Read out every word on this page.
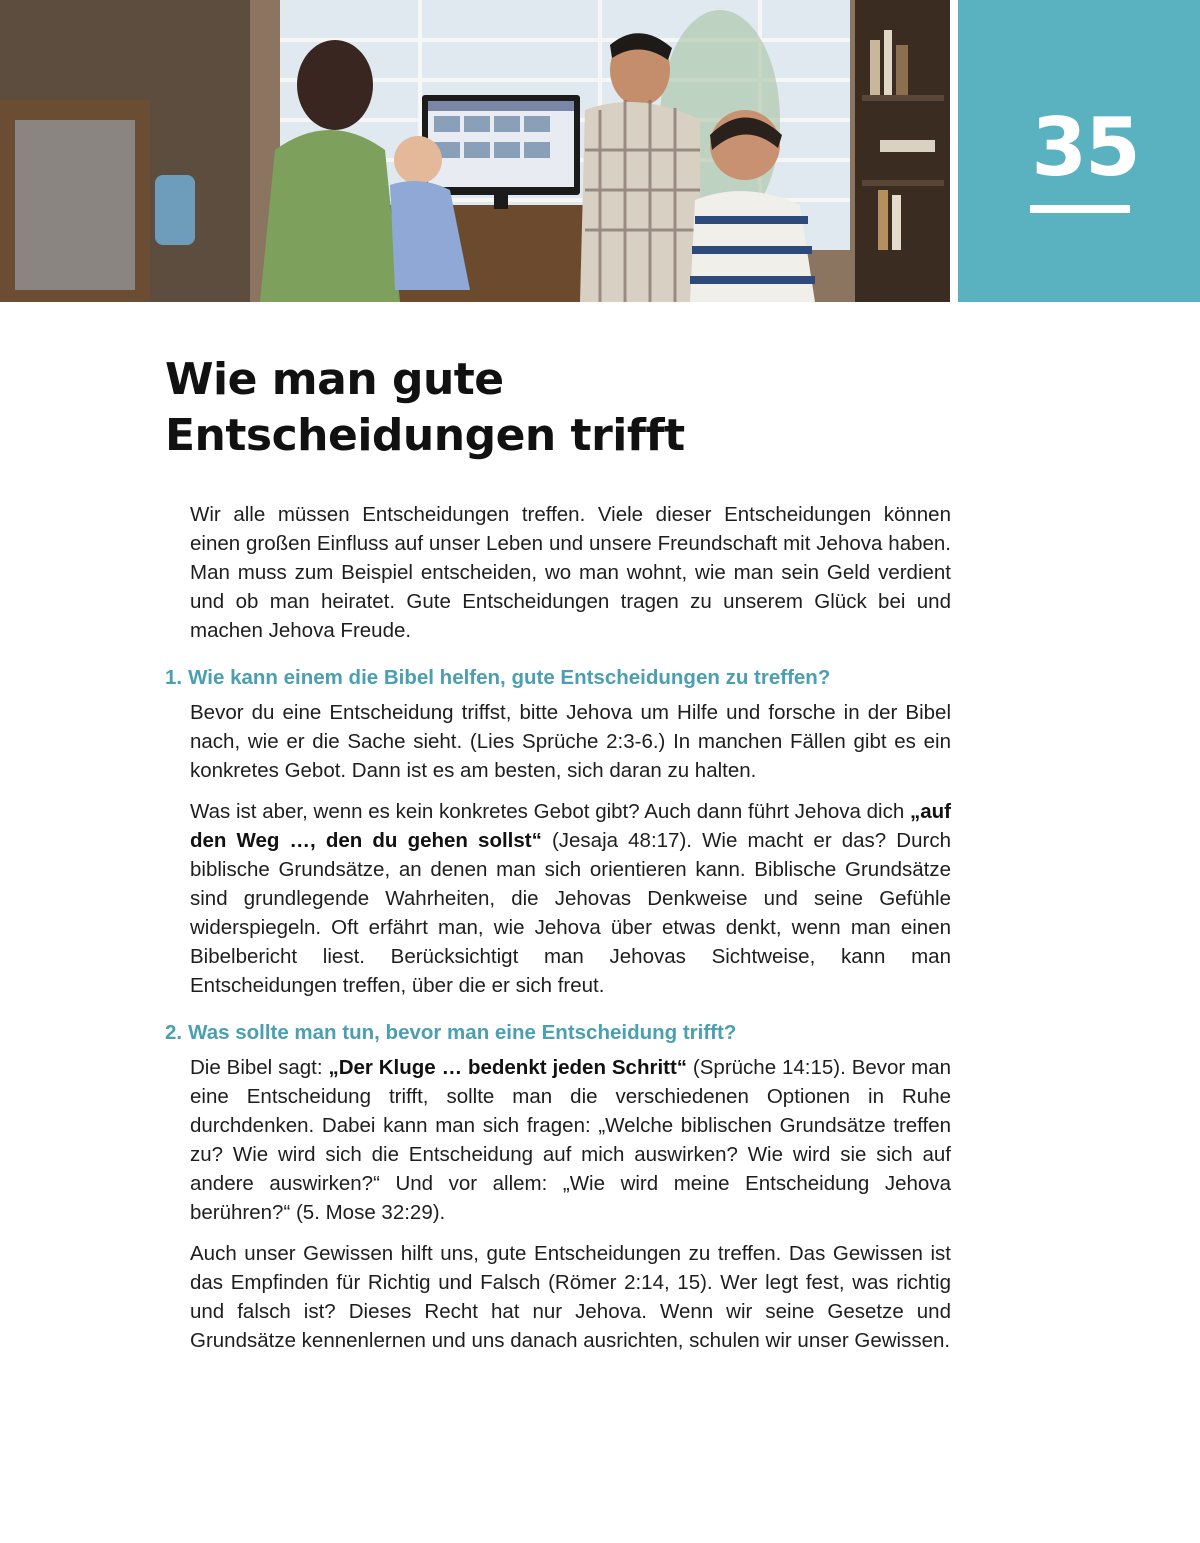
35
Wie man gute
Entscheidungen trifft

Wir alle müssen Entscheidungen treffen. Viele dieser Entscheidungen können einen großen Einfluss auf unser Leben und unsere Freundschaft mit Jehova haben. Man muss zum Beispiel entscheiden, wo man wohnt, wie man sein Geld verdient und ob man heiratet. Gute Entscheidungen tragen zu unserem Glück bei und machen Jehova Freude.

1. Wie kann einem die Bibel helfen, gute Entscheidungen zu treffen?

Bevor du eine Entscheidung triffst, bitte Jehova um Hilfe und forsche in der Bibel nach, wie er die Sache sieht. (Lies Sprüche 2:3-6.) In manchen Fällen gibt es ein konkretes Gebot. Dann ist es am besten, sich daran zu halten.

Was ist aber, wenn es kein konkretes Gebot gibt? Auch dann führt Jehova dich „auf den Weg …, den du gehen sollst“ (Jesaja 48:17). Wie macht er das? Durch biblische Grundsätze, an denen man sich orientieren kann. Biblische Grundsätze sind grundlegende Wahrheiten, die Jehovas Denkweise und seine Gefühle widerspiegeln. Oft erfährt man, wie Jehova über etwas denkt, wenn man einen Bibelbericht liest. Berücksichtigt man Jehovas Sichtweise, kann man Entscheidungen treffen, über die er sich freut.

2. Was sollte man tun, bevor man eine Entscheidung trifft?

Die Bibel sagt: „Der Kluge … bedenkt jeden Schritt“ (Sprüche 14:15). Bevor man eine Entscheidung trifft, sollte man die verschiedenen Optionen in Ruhe durchdenken. Dabei kann man sich fragen: „Welche biblischen Grundsätze treffen zu? Wie wird sich die Entscheidung auf mich auswirken? Wie wird sie sich auf andere auswirken?“ Und vor allem: „Wie wird meine Entscheidung Jehova berühren?“ (5. Mose 32:29).

Auch unser Gewissen hilft uns, gute Entscheidungen zu treffen. Das Gewissen ist das Empfinden für Richtig und Falsch (Römer 2:14, 15). Wer legt fest, was richtig und falsch ist? Dieses Recht hat nur Jehova. Wenn wir seine Gesetze und Grundsätze kennenlernen und uns danach ausrichten, schulen wir unser Gewissen.
